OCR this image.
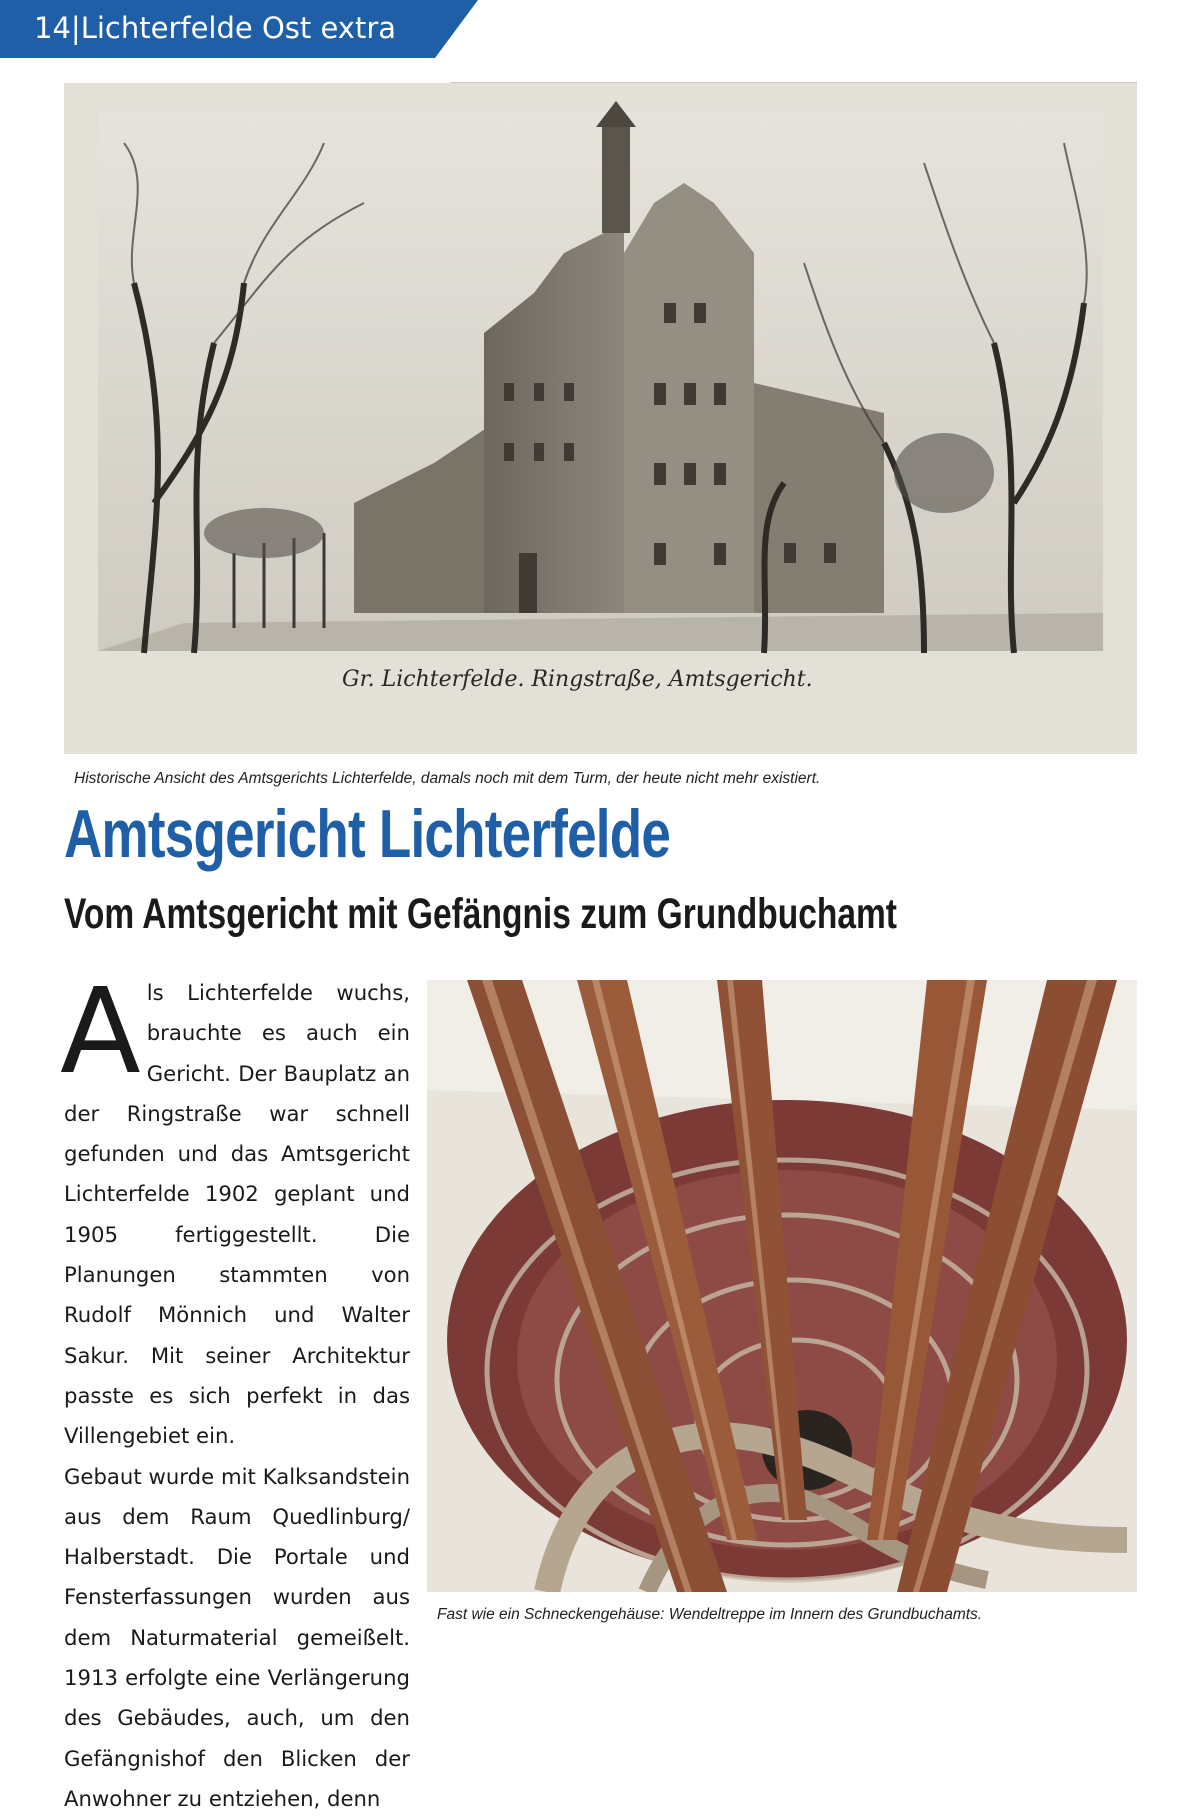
14|Lichterfelde Ost extra
Gr. Lichterfelde. Ringstraße, Amtsgericht.
Historische Ansicht des Amtsgerichts Lichterfelde, damals noch mit dem Turm, der heute nicht mehr existiert.
Amtsgericht Lichterfelde
Vom Amtsgericht mit Gefängnis zum Grundbuchamt

Als Lichterfelde wuchs, brauchte es auch ein Gericht. Der Bauplatz an der Ringstraße war schnell gefunden und das Amtsgericht Lichterfelde 1902 geplant und 1905 fertiggestellt. Die Planungen stammten von Rudolf Mönnich und Walter Sakur. Mit seiner Architektur passte es sich perfekt in das Villengebiet ein.

Gebaut wurde mit Kalksandstein aus dem Raum Quedlinburg/ Halberstadt. Die Portale und Fensterfassungen wurden aus dem Naturmaterial gemeißelt. 1913 erfolgte eine Verlängerung des Gebäudes, auch, um den Gefängnishof den Blicken der Anwohner zu entziehen, denn

Fast wie ein Schneckengehäuse: Wendeltreppe im Innern des Grundbuchamts.
